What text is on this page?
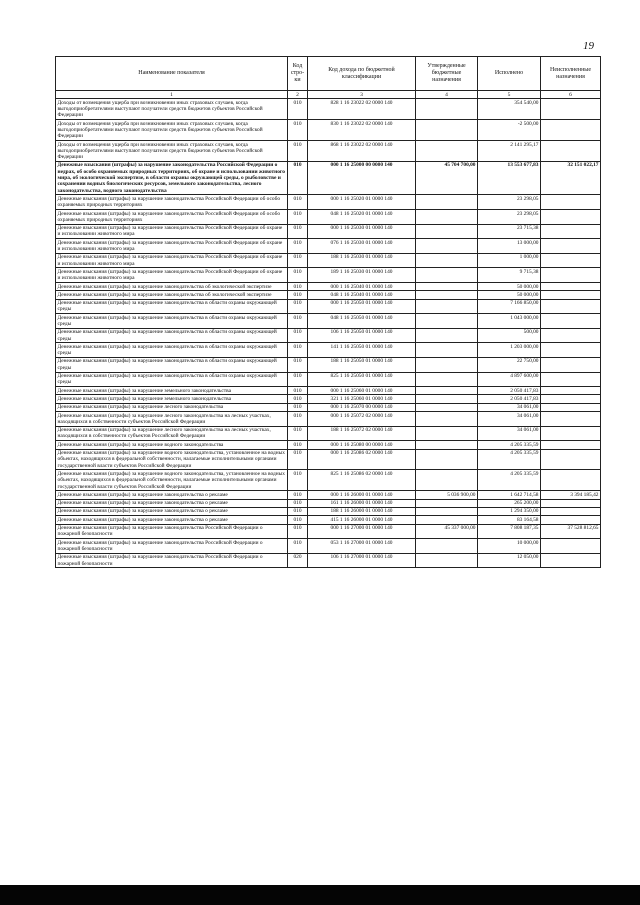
19
Наименование показателя	Код стро-ки	Код дохода по бюджетной классификации	Утвержденные бюджетные назначения	Исполнено	Неисполненные назначения
1	2	3	4	5	6
Доходы от возмещения ущерба при возникновении иных страховых случаев, когда выгодоприобретателями выступают получатели средств бюджетов субъектов Российской Федерации	010	828 1 16 23022 02 0000 140		354 540,00	
Доходы от возмещения ущерба при возникновении иных страховых случаев, когда выгодоприобретателями выступают получатели средств бюджетов субъектов Российской Федерации	010	830 1 16 23022 02 0000 140		-2 500,00	
Доходы от возмещения ущерба при возникновении иных страховых случаев, когда выгодоприобретателями выступают получатели средств бюджетов субъектов Российской Федерации	010	868 1 16 23022 02 0000 140		2 141 295,17	
Денежные взыскания (штрафы) за нарушение законодательства Российской Федерации о недрах, об особо охраняемых природных территориях, об охране и использовании животного мира, об экологической экспертизе, в области охраны окружающей среды, о рыболовстве и сохранении водных биологических ресурсов, земельного законодательства, лесного законодательства, водного законодательства	010	000 1 16 25000 00 0000 140	45 704 700,00	13 553 677,83	32 151 022,17
Денежные взыскания (штрафы) за нарушение законодательства Российской Федерации об особо охраняемых природных территориях	010	000 1 16 25020 01 0000 140		23 298,05	
Денежные взыскания (штрафы) за нарушение законодательства Российской Федерации об особо охраняемых природных территориях	010	048 1 16 25020 01 0000 140		23 298,05	
Денежные взыскания (штрафы) за нарушение законодательства Российской Федерации об охране и использовании животного мира	010	000 1 16 25030 01 0000 140		23 715,38	
Денежные взыскания (штрафы) за нарушение законодательства Российской Федерации об охране и использовании животного мира	010	076 1 16 25030 01 0000 140		13 000,00	
Денежные взыскания (штрафы) за нарушение законодательства Российской Федерации об охране и использовании животного мира	010	188 1 16 25030 01 0000 140		1 000,00	
Денежные взыскания (штрафы) за нарушение законодательства Российской Федерации об охране и использовании животного мира	010	189 1 16 25030 01 0000 140		9 715,38	
Денежные взыскания (штрафы) за нарушение законодательства об экологической экспертизе	010	000 1 16 25040 01 0000 140		50 000,00	
Денежные взыскания (штрафы) за нарушение законодательства об экологической экспертизе	010	048 1 16 25040 01 0000 140		50 000,00	
Денежные взыскания (штрафы) за нарушение законодательства в области охраны окружающей среды	010	000 1 16 25050 01 0000 140		7 166 850,00	
Денежные взыскания (штрафы) за нарушение законодательства в области охраны окружающей среды	010	048 1 16 25050 01 0000 140		1 043 000,00	
Денежные взыскания (штрафы) за нарушение законодательства в области охраны окружающей среды	010	106 1 16 25050 01 0000 140		500,00	
Денежные взыскания (штрафы) за нарушение законодательства в области охраны окружающей среды	010	141 1 16 25050 01 0000 140		1 203 000,00	
Денежные взыскания (штрафы) за нарушение законодательства в области охраны окружающей среды	010	188 1 16 25050 01 0000 140		22 750,00	
Денежные взыскания (штрафы) за нарушение законодательства в области охраны окружающей среды	010	825 1 16 25050 01 0000 140		4 897 600,00	
Денежные взыскания (штрафы) за нарушение земельного законодательства	010	000 1 16 25060 01 0000 140		2 050 417,83	
Денежные взыскания (штрафы) за нарушение земельного законодательства	010	321 1 16 25060 01 0000 140		2 050 417,83	
Денежные взыскания (штрафы) за нарушение лесного законодательства	010	000 1 16 25070 00 0000 140		34 061,00	
Денежные взыскания (штрафы) за нарушение лесного законодательства на лесных участках, находящихся в собственности субъектов Российской Федерации	010	000 1 16 25072 02 0000 140		34 061,00	
Денежные взыскания (штрафы) за нарушение лесного законодательства на лесных участках, находящихся в собственности субъектов Российской Федерации	010	188 1 16 25072 02 0000 140		34 061,00	
Денежные взыскания (штрафы) за нарушение водного законодательства	010	000 1 16 25080 00 0000 140		4 205 335,59	
Денежные взыскания (штрафы) за нарушение водного законодательства, установленное на водных объектах, находящихся в федеральной собственности, налагаемые исполнительными органами государственной власти субъектов Российской Федерации	010	000 1 16 25086 02 0000 140		4 205 335,59	
Денежные взыскания (штрафы) за нарушение водного законодательства, установленное на водных объектах, находящихся в федеральной собственности, налагаемые исполнительными органами государственной власти субъектов Российской Федерации	010	825 1 16 25086 02 0000 140		4 205 335,59	
Денежные взыскания (штрафы) за нарушение законодательства о рекламе	010	000 1 16 26000 01 0000 140	5 036 900,00	1 642 714,58	3 394 185,42
Денежные взыскания (штрафы) за нарушение законодательства о рекламе	010	161 1 16 26000 01 0000 140		265 200,00	
Денежные взыскания (штрафы) за нарушение законодательства о рекламе	010	188 1 16 26000 01 0000 140		1 294 350,00	
Денежные взыскания (штрафы) за нарушение законодательства о рекламе	010	415 1 16 26000 01 0000 140		83 164,58	
Денежные взыскания (штрафы) за нарушение законодательства Российской Федерации о пожарной безопасности	010	000 1 16 27000 01 0000 140	45 337 000,00	7 808 187,35	37 528 812,65
Денежные взыскания (штрафы) за нарушение законодательства Российской Федерации о пожарной безопасности	010	053 1 16 27000 01 0000 140		10 000,00	
Денежные взыскания (штрафы) за нарушение законодательства Российской Федерации о пожарной безопасности	020	106 1 16 27000 01 0000 140		12 050,00	
